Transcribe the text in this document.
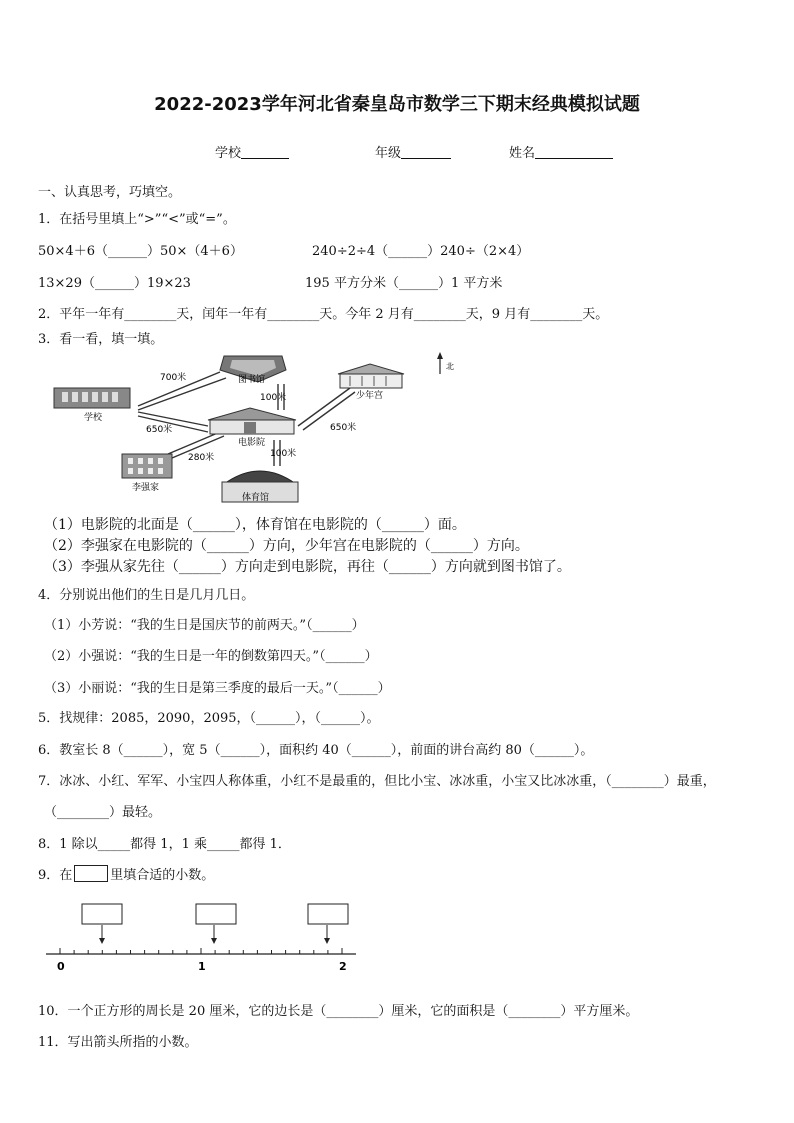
2022-2023学年河北省秦皇岛市数学三下期末经典模拟试题
学校	年级	姓名
一、认真思考，巧填空。
1．在括号里填上“>”“<”或“=”。
50×4＋6（______）50×（4＋6）	240÷2÷4（______）240÷（2×4）
13×29（______）19×23	195 平方分米（______）1 平方米
2．平年一年有________天，闰年一年有________天。今年 2 月有________天，9 月有________天。
3．看一看，填一填。
图书馆
学校
少年宫
电影院
李强家
体育馆
700米
100米
650米	650米
280米	100米
北
（1）电影院的北面是（______），体育馆在电影院的（______）面。
（2）李强家在电影院的（______）方向，少年宫在电影院的（______）方向。
（3）李强从家先往（______）方向走到电影院，再往（______）方向就到图书馆了。
4．分别说出他们的生日是几月几日。
（1）小芳说：“我的生日是国庆节的前两天。”（______）
（2）小强说：“我的生日是一年的倒数第四天。”（______）
（3）小丽说：“我的生日是第三季度的最后一天。”（______）
5．找规律：2085，2090，2095，（______），（______）。
6．教室长 8（______），宽 5（______），面积约 40（______），前面的讲台高约 80（______）。
7．冰冰、小红、军军、小宝四人称体重，小红不是最重的，但比小宝、冰冰重，小宝又比冰冰重，（________）最重，
（________）最轻。
8．1 除以_____都得 1，1 乘_____都得 1．
9．在	里填合适的小数。
0	1	2
10．一个正方形的周长是 20 厘米，它的边长是（________）厘米，它的面积是（________）平方厘米。
11．写出箭头所指的小数。
